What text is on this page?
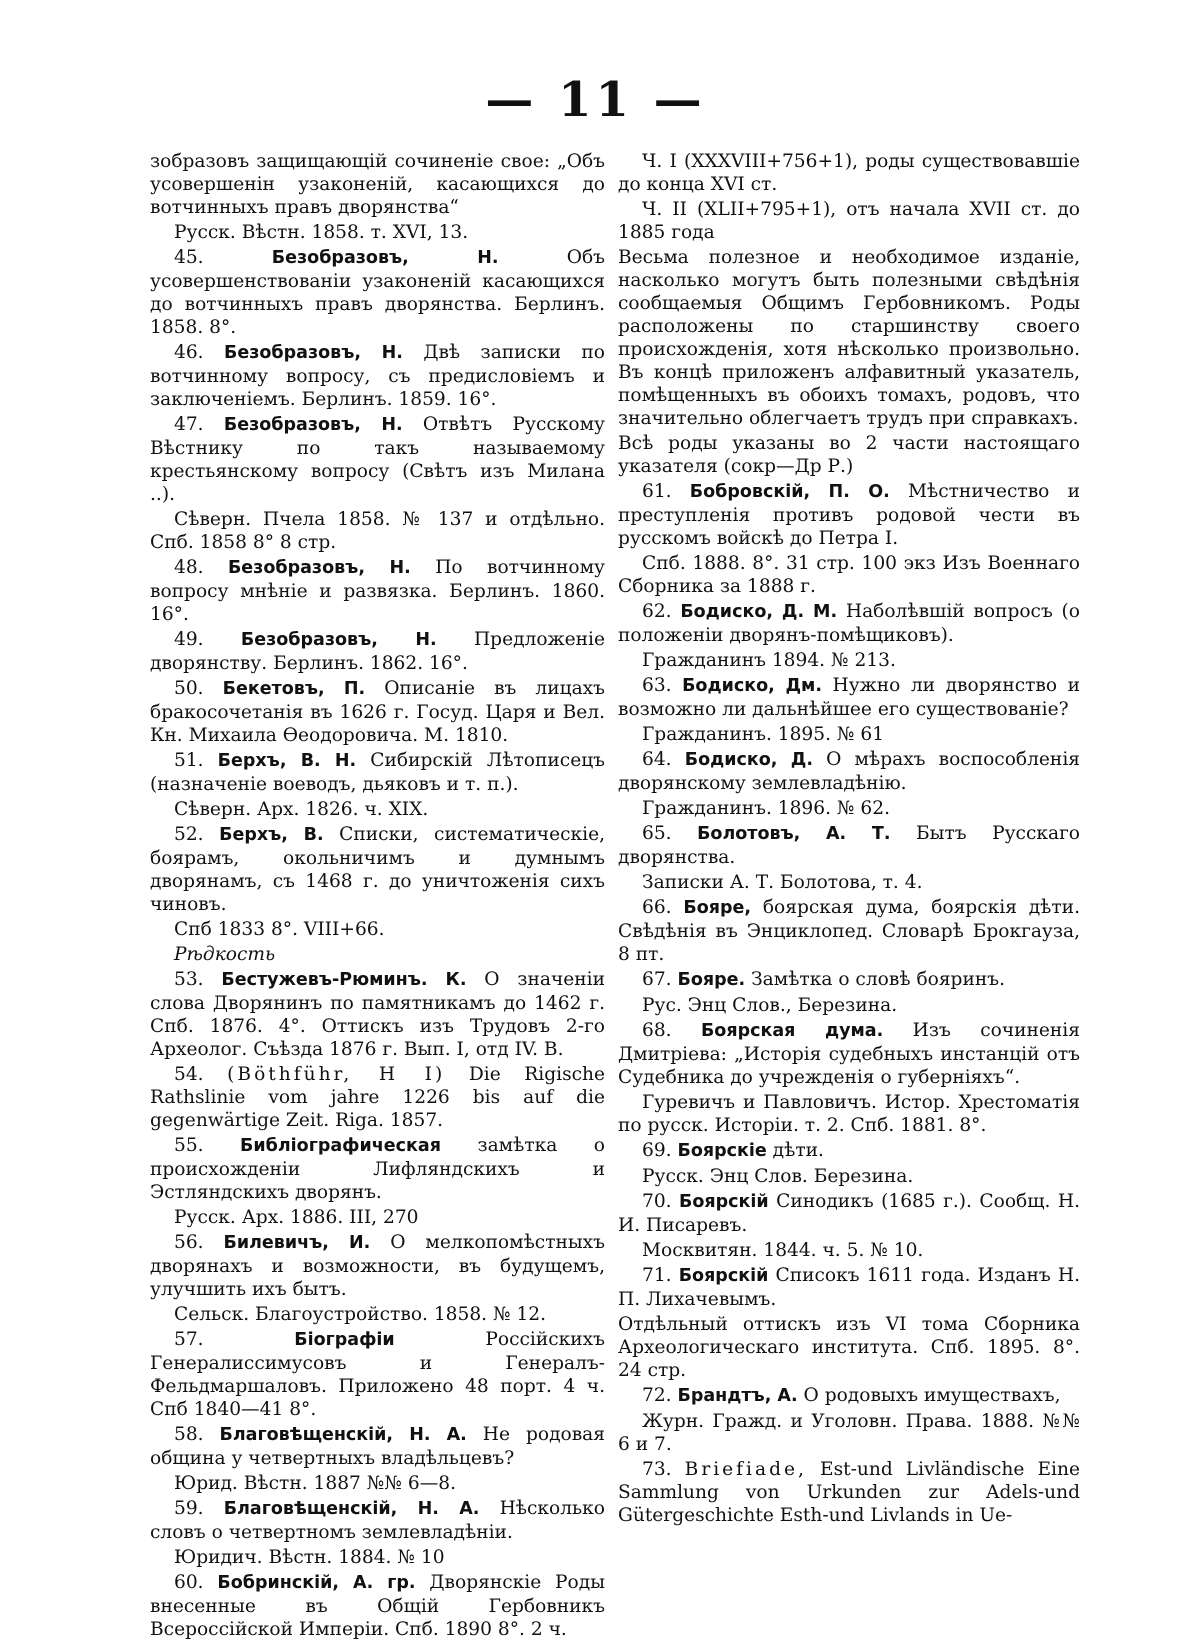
— 11 —

зобразовъ защищающій сочиненіе свое: „Объ усовершенін узаконеній, касающихся до вотчинныхъ правъ дворянства“

Русск. Вѣстн. 1858. т. XVI, 13.

45.	Безобразовъ, Н.	Объ усовершенствованіи узаконеній касающихся до вотчинныхъ правъ дворянства. Берлинъ. 1858. 8°.

46. Безобразовъ, Н. Двѣ записки по вотчинному вопросу, съ предисловіемъ и заключеніемъ. Берлинъ. 1859. 16°.

47. Безобразовъ, Н. Отвѣтъ Русскому Вѣстнику по такъ называемому крестьянскому вопросу (Свѣтъ изъ Милана ..).

Сѣверн. Пчела 1858. № 137 и отдѣльно. Спб. 1858 8° 8 стр.

48. Безобразовъ, Н. По вотчинному вопросу мнѣніе и развязка. Берлинъ. 1860. 16°.

49. Безобразовъ, Н. Предложеніе дворянству. Берлинъ. 1862. 16°.

50. Бекетовъ, П. Описаніе въ лицахъ бракосочетанія въ 1626 г. Госуд. Царя и Вел. Кн. Михаила Ѳеодоровича. М. 1810.

51. Берхъ, В. Н. Сибирскій Лѣтописецъ (назначеніе воеводъ, дьяковъ и т. п.).

Сѣверн. Арх. 1826. ч. XIX.

52. Берхъ, В. Списки, систематическіе, боярамъ, окольничимъ и думнымъ дворянамъ, съ 1468 г. до уничтоженія сихъ чиновъ.

Спб 1833 8°. VIII+66.

Рѣдкость

53. Бестужевъ-Рюминъ. К. О значеніи слова Дворянинъ по памятникамъ до 1462 г. Спб. 1876. 4°. Оттискъ изъ Трудовъ 2-го Археолог. Съѣзда 1876 г. Вып. I, отд IV. В.

54. (Böthführ, H I) Die Rigische Rathslinie vom jahre 1226 bis auf die gegenwärtige Zeit. Riga. 1857.

55. Библіографическая замѣтка о происхожденіи Лифляндскихъ и Эстляндскихъ дворянъ.

Русск. Арх. 1886. III, 270

56. Билевичъ, И. О мелкопомѣстныхъ дворянахъ и возможности, въ будущемъ, улучшить ихъ бытъ.

Сельск. Благоустройство. 1858. № 12.

57.	Біографіи	Россійскихъ Генералиссимусовъ и Генералъ-Фельдмаршаловъ. Приложено 48 порт. 4 ч. Спб 1840—41 8°.

58. Благовѣщенскій, Н. А. Не родовая община у четвертныхъ владѣльцевъ?

Юрид. Вѣстн. 1887 №№ 6—8.

59. Благовѣщенскій, Н. А. Нѣсколько словъ о четвертномъ землевладѣніи.

Юридич. Вѣстн. 1884. № 10

60. Бобринскій, А. гр. Дворянскіе Роды внесенные въ Общій Гербовникъ Всероссійской Имперіи. Спб. 1890 8°. 2 ч.

Ч. I (XXXVIII+756+1), роды существовавшіе до конца XVI ст.

Ч. II (XLII+795+1), отъ начала XVII ст. до 1885 года

Весьма полезное и необходимое изданіе, насколько могутъ быть полезными свѣдѣнія сообщаемыя Общимъ Гербовникомъ. Роды расположены по старшинству своего происхожденія, хотя нѣсколько произвольно. Въ концѣ приложенъ алфавитный указатель, помѣщенныхъ въ обоихъ томахъ, родовъ, что значительно облегчаетъ трудъ при справкахъ.

Всѣ роды указаны во 2 части настоящаго указателя (сокр—Др Р.)

61. Бобровскій, П. О. Мѣстничество и преступленія противъ родовой чести въ русскомъ войскѣ до Петра I.

Спб. 1888. 8°. 31 стр. 100 экз Изъ Военнаго Сборника за 1888 г.

62. Бодиско, Д. М. Наболѣвшій вопросъ (о положеніи дворянъ-помѣщиковъ).

Гражданинъ 1894. № 213.

63. Бодиско, Дм. Нужно ли дворянство и возможно ли дальнѣйшее его существованіе?

Гражданинъ. 1895. № 61

64. Бодиско, Д. О мѣрахъ воспособленія дворянскому землевладѣнію.

Гражданинъ. 1896. № 62.

65. Болотовъ, А. Т. Бытъ Русскаго дворянства.

Записки А. Т. Болотова, т. 4.

66. Бояре, боярская дума, боярскія дѣти. Свѣдѣнія въ Энциклопед. Словарѣ Брокгауза, 8 пт.

67. Бояре. Замѣтка о словѣ бояринъ.

Рус. Энц Слов., Березина.

68. Боярская дума. Изъ сочиненія Дмитріева: „Исторія судебныхъ инстанцій отъ Судебника до учрежденія о губерніяхъ“.

Гуревичъ и Павловичъ. Истор. Хрестоматія по русск. Исторіи. т. 2. Спб. 1881. 8°.

69. Боярскіе дѣти.

Русск. Энц Слов. Березина.

70. Боярскій Синодикъ (1685 г.). Сообщ. Н. И. Писаревъ.

Москвитян. 1844. ч. 5. № 10.

71. Боярскій Списокъ 1611 года. Изданъ Н. П. Лихачевымъ.

Отдѣльный оттискъ изъ VI тома Сборника Археологическаго института. Спб. 1895. 8°. 24 стр.

72. Брандтъ, А. О родовыхъ имуществахъ,

Журн. Гражд. и Уголовн. Права. 1888. №№ 6 и 7.

73. Briefiade, Est-und Livländische Eine Sammlung von Urkunden zur Adels-und Gütergeschichte Esth-und Livlands in Ue-
